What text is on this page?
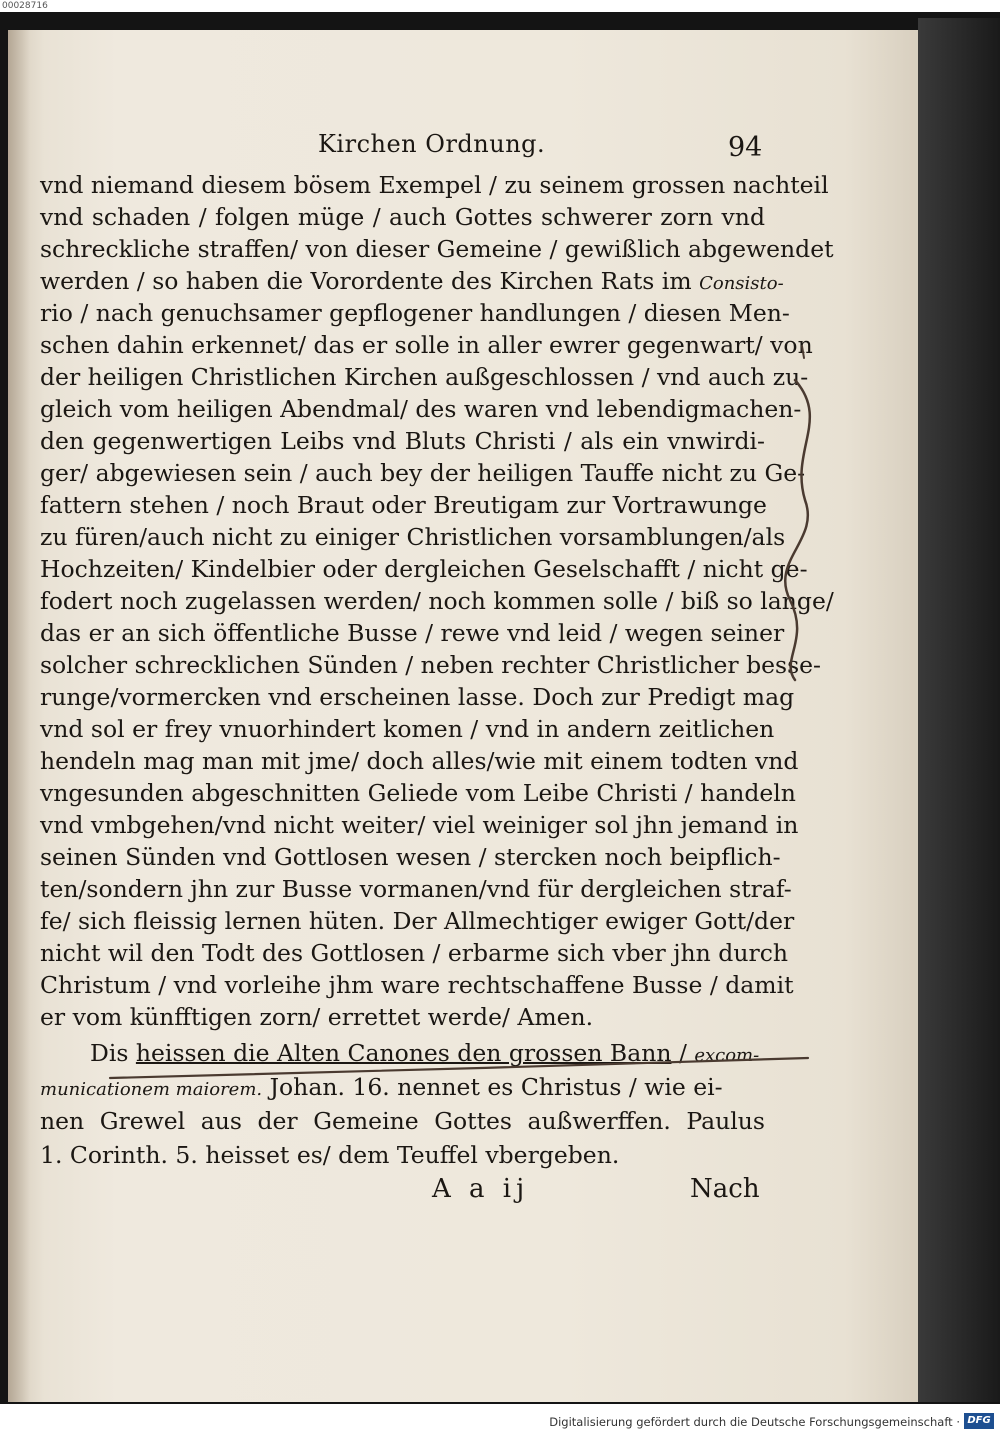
00028716
Kirchen Ordnung.	94
vnd niemand diesem bösem Exempel / zu seinem grossen nachteil
vnd schaden / folgen müge / auch Gottes schwerer zorn vnd
schreckliche straffen/ von dieser Gemeine / gewißlich abgewendet
werden / so haben die Vorordente des Kirchen Rats im Consisto-
rio / nach genuchsamer gepflogener handlungen / diesen Men-
schen dahin erkennet/ das er solle in aller ewrer gegenwart/ von
der heiligen Christlichen Kirchen außgeschlossen / vnd auch zu-
gleich vom heiligen Abendmal/ des waren vnd lebendigmachen-
den gegenwertigen Leibs vnd Bluts Christi / als ein vnwirdi-
ger/ abgewiesen sein / auch bey der heiligen Tauffe nicht zu Ge-
fattern stehen / noch Braut oder Breutigam zur Vortrawunge
zu füren/auch nicht zu einiger Christlichen vorsamblungen/als
Hochzeiten/ Kindelbier oder dergleichen Geselschafft / nicht ge-
fodert noch zugelassen werden/ noch kommen solle / biß so lange/
das er an sich öffentliche Busse / rewe vnd leid / wegen seiner
solcher schrecklichen Sünden / neben rechter Christlicher besse-
runge/vormercken vnd erscheinen lasse. Doch zur Predigt mag
vnd sol er frey vnuorhindert komen / vnd in andern zeitlichen
hendeln mag man mit jme/ doch alles/wie mit einem todten vnd
vngesunden abgeschnitten Geliede vom Leibe Christi / handeln
vnd vmbgehen/vnd nicht weiter/ viel weiniger sol jhn jemand in
seinen Sünden vnd Gottlosen wesen / stercken noch beipflich-
ten/sondern jhn zur Busse vormanen/vnd für dergleichen straf-
fe/ sich fleissig lernen hüten. Der Allmechtiger ewiger Gott/der
nicht wil den Todt des Gottlosen / erbarme sich vber jhn durch
Christum / vnd vorleihe jhm ware rechtschaffene Busse / damit
er vom künfftigen zorn/ errettet werde/ Amen.
Dis heissen die Alten Canones den grossen Bann / excom-
municationem maiorem. Johan. 16. nennet es Christus / wie ei-
nen Grewel aus der Gemeine Gottes außwerffen. Paulus
1. Corinth. 5. heisset es/ dem Teuffel vbergeben.
A a ij	Nach
Digitalisierung gefördert durch die Deutsche Forschungsgemeinschaft · DFG
